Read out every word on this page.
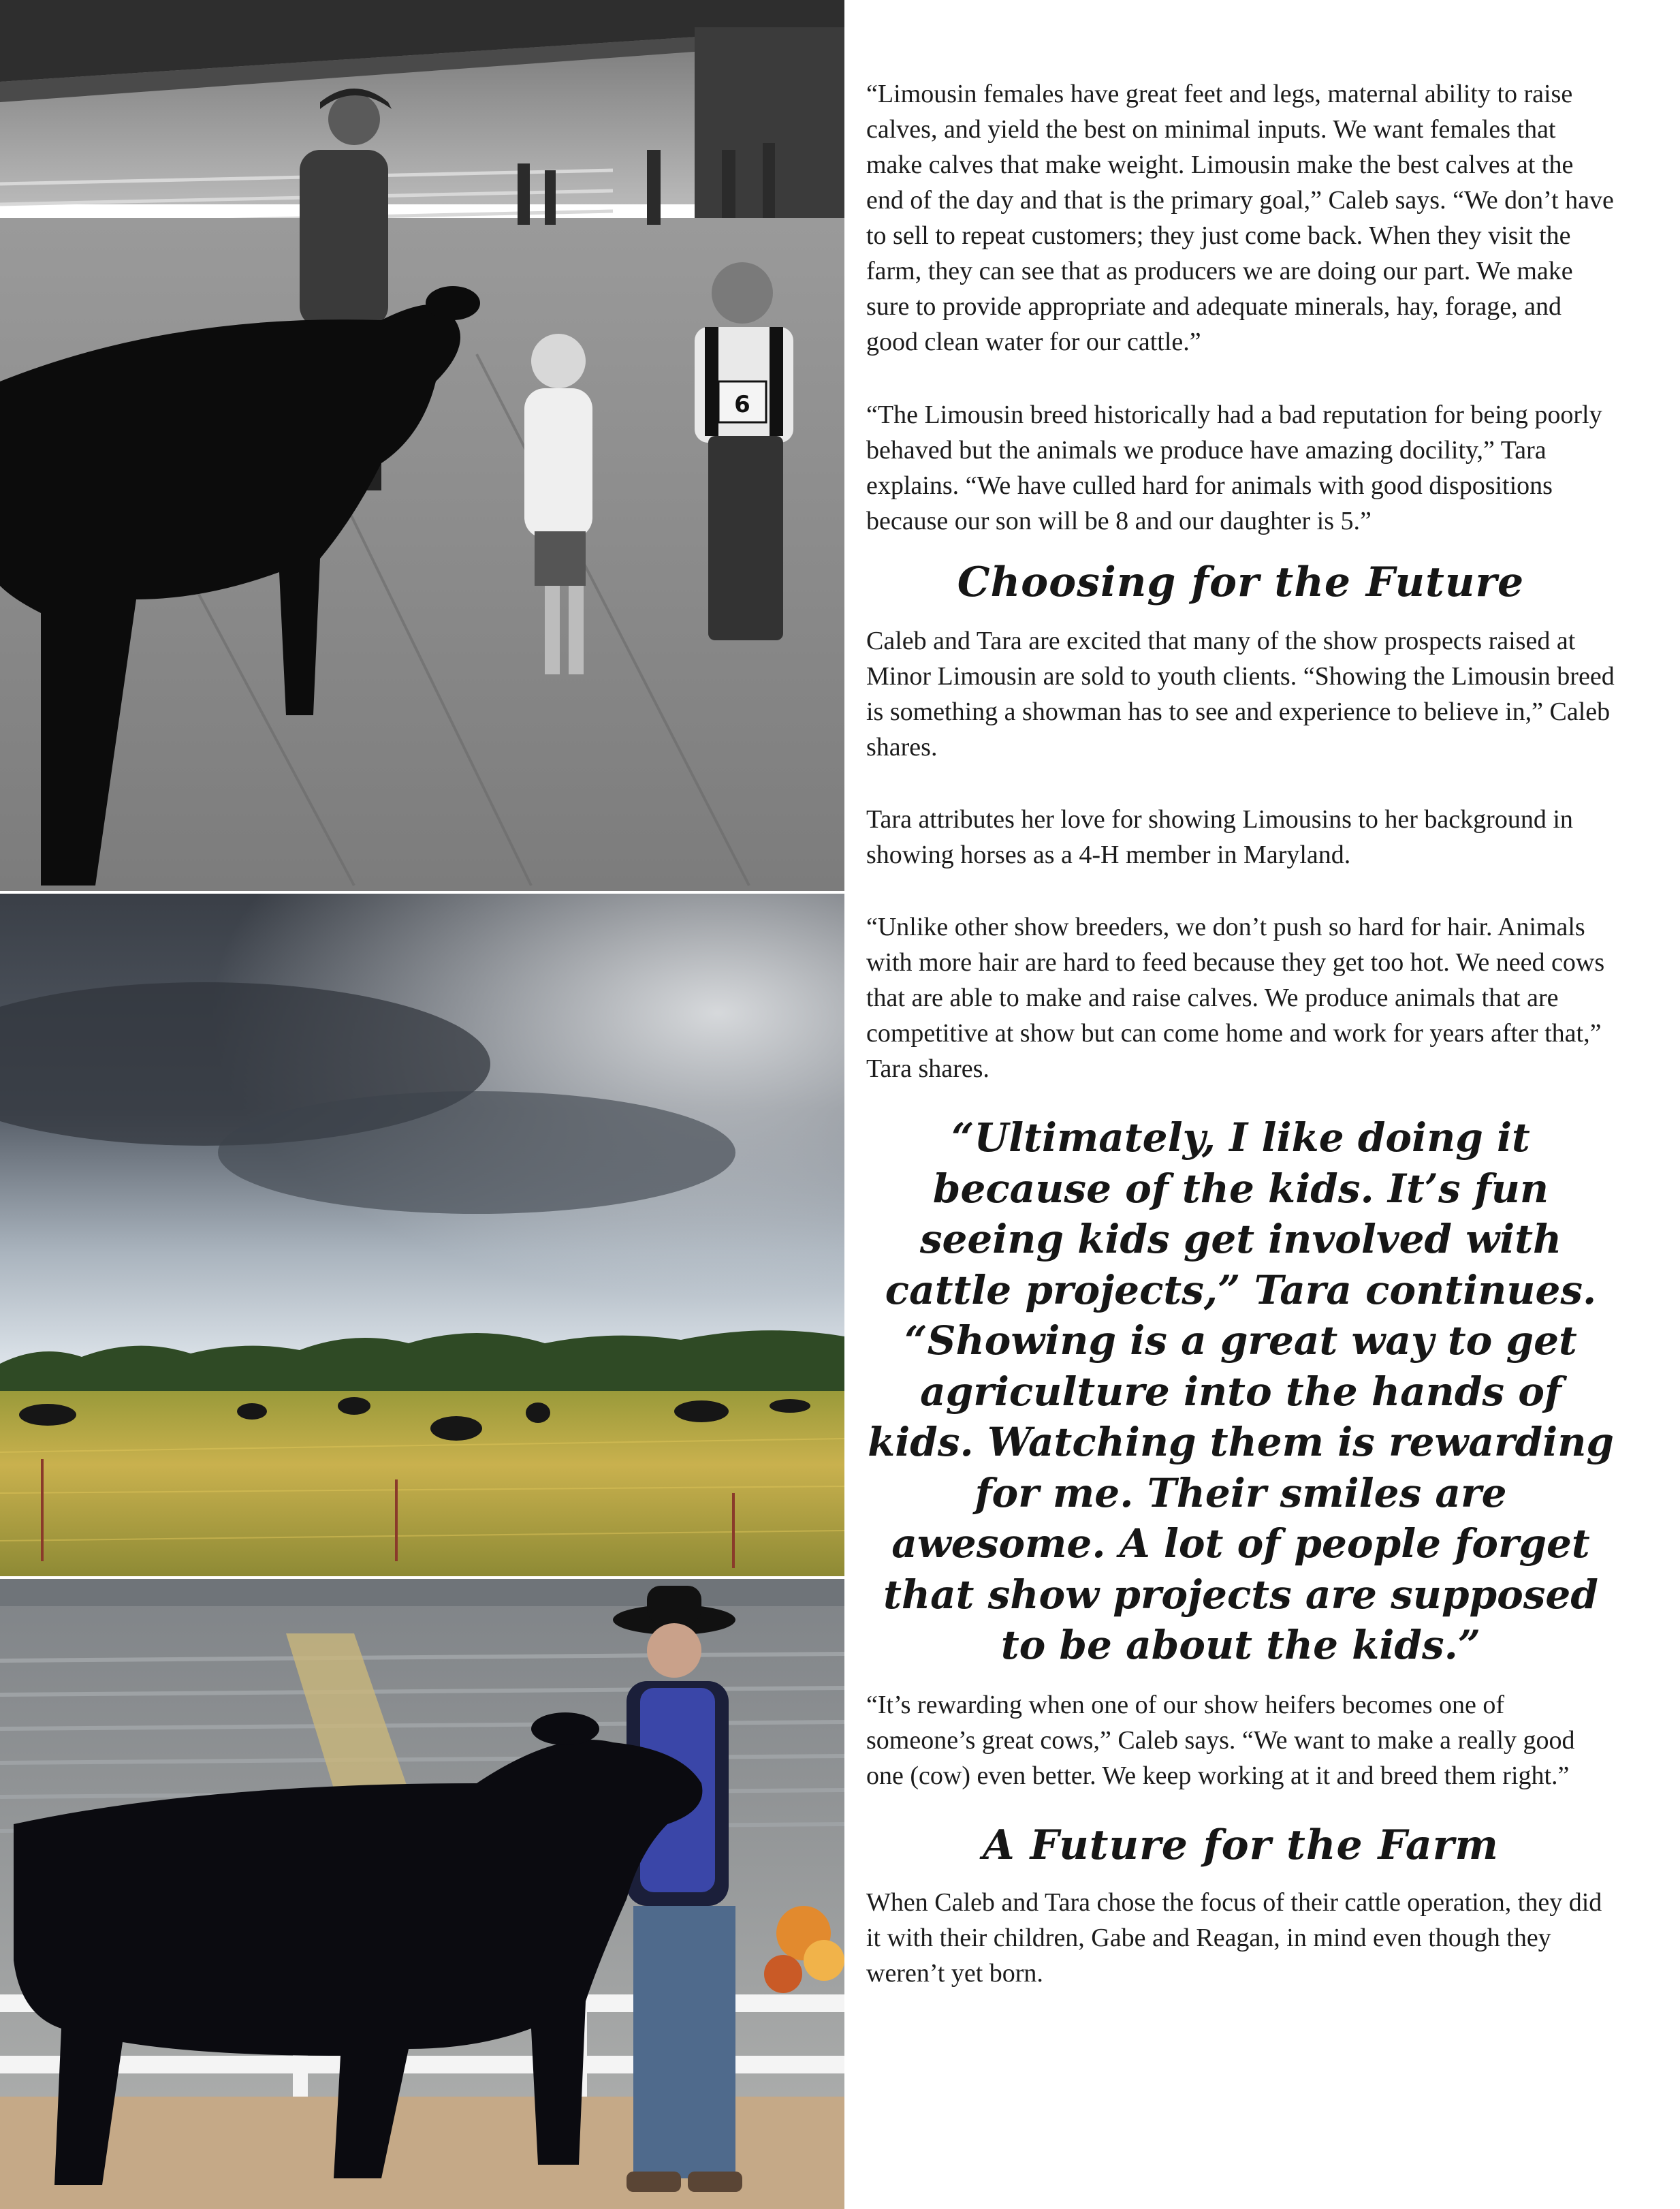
6

“Limousin females have great feet and legs, maternal ability to raise calves, and yield the best on minimal inputs. We want females that make calves that make weight. Limousin make the best calves at the end of the day and that is the primary goal,” Caleb says. “We don’t have to sell to repeat customers; they just come back. When they visit the farm, they can see that as producers we are doing our part. We make sure to provide appropriate and adequate minerals, hay, forage, and good clean water for our cattle.”

“The Limousin breed historically had a bad reputation for being poorly behaved but the animals we produce have amazing docility,” Tara explains. “We have culled hard for animals with good dispositions because our son will be 8 and our daughter is 5.”

Choosing for the Future

Caleb and Tara are excited that many of the show prospects raised at Minor Limousin are sold to youth clients. “Showing the Limousin breed is something a showman has to see and experience to believe in,” Caleb shares.

Tara attributes her love for showing Limousins to her background in showing horses as a 4-H member in Maryland.

“Unlike other show breeders, we don’t push so hard for hair. Animals with more hair are hard to feed because they get too hot. We need cows that are able to make and raise calves. We produce animals that are competitive at show but can come home and work for years after that,” Tara shares.

“Ultimately, I like doing it because of the kids. It’s fun seeing kids get involved with cattle projects,” Tara continues. “Showing is a great way to get agriculture into the hands of kids. Watching them is rewarding for me. Their smiles are awesome. A lot of people forget that show projects are supposed to be about the kids.”

“It’s rewarding when one of our show heifers becomes one of someone’s great cows,” Caleb says. “We want to make a really good one (cow) even better. We keep working at it and breed them right.”

A Future for the Farm

When Caleb and Tara chose the focus of their cattle operation, they did it with their children, Gabe and Reagan, in mind even though they weren’t yet born.
